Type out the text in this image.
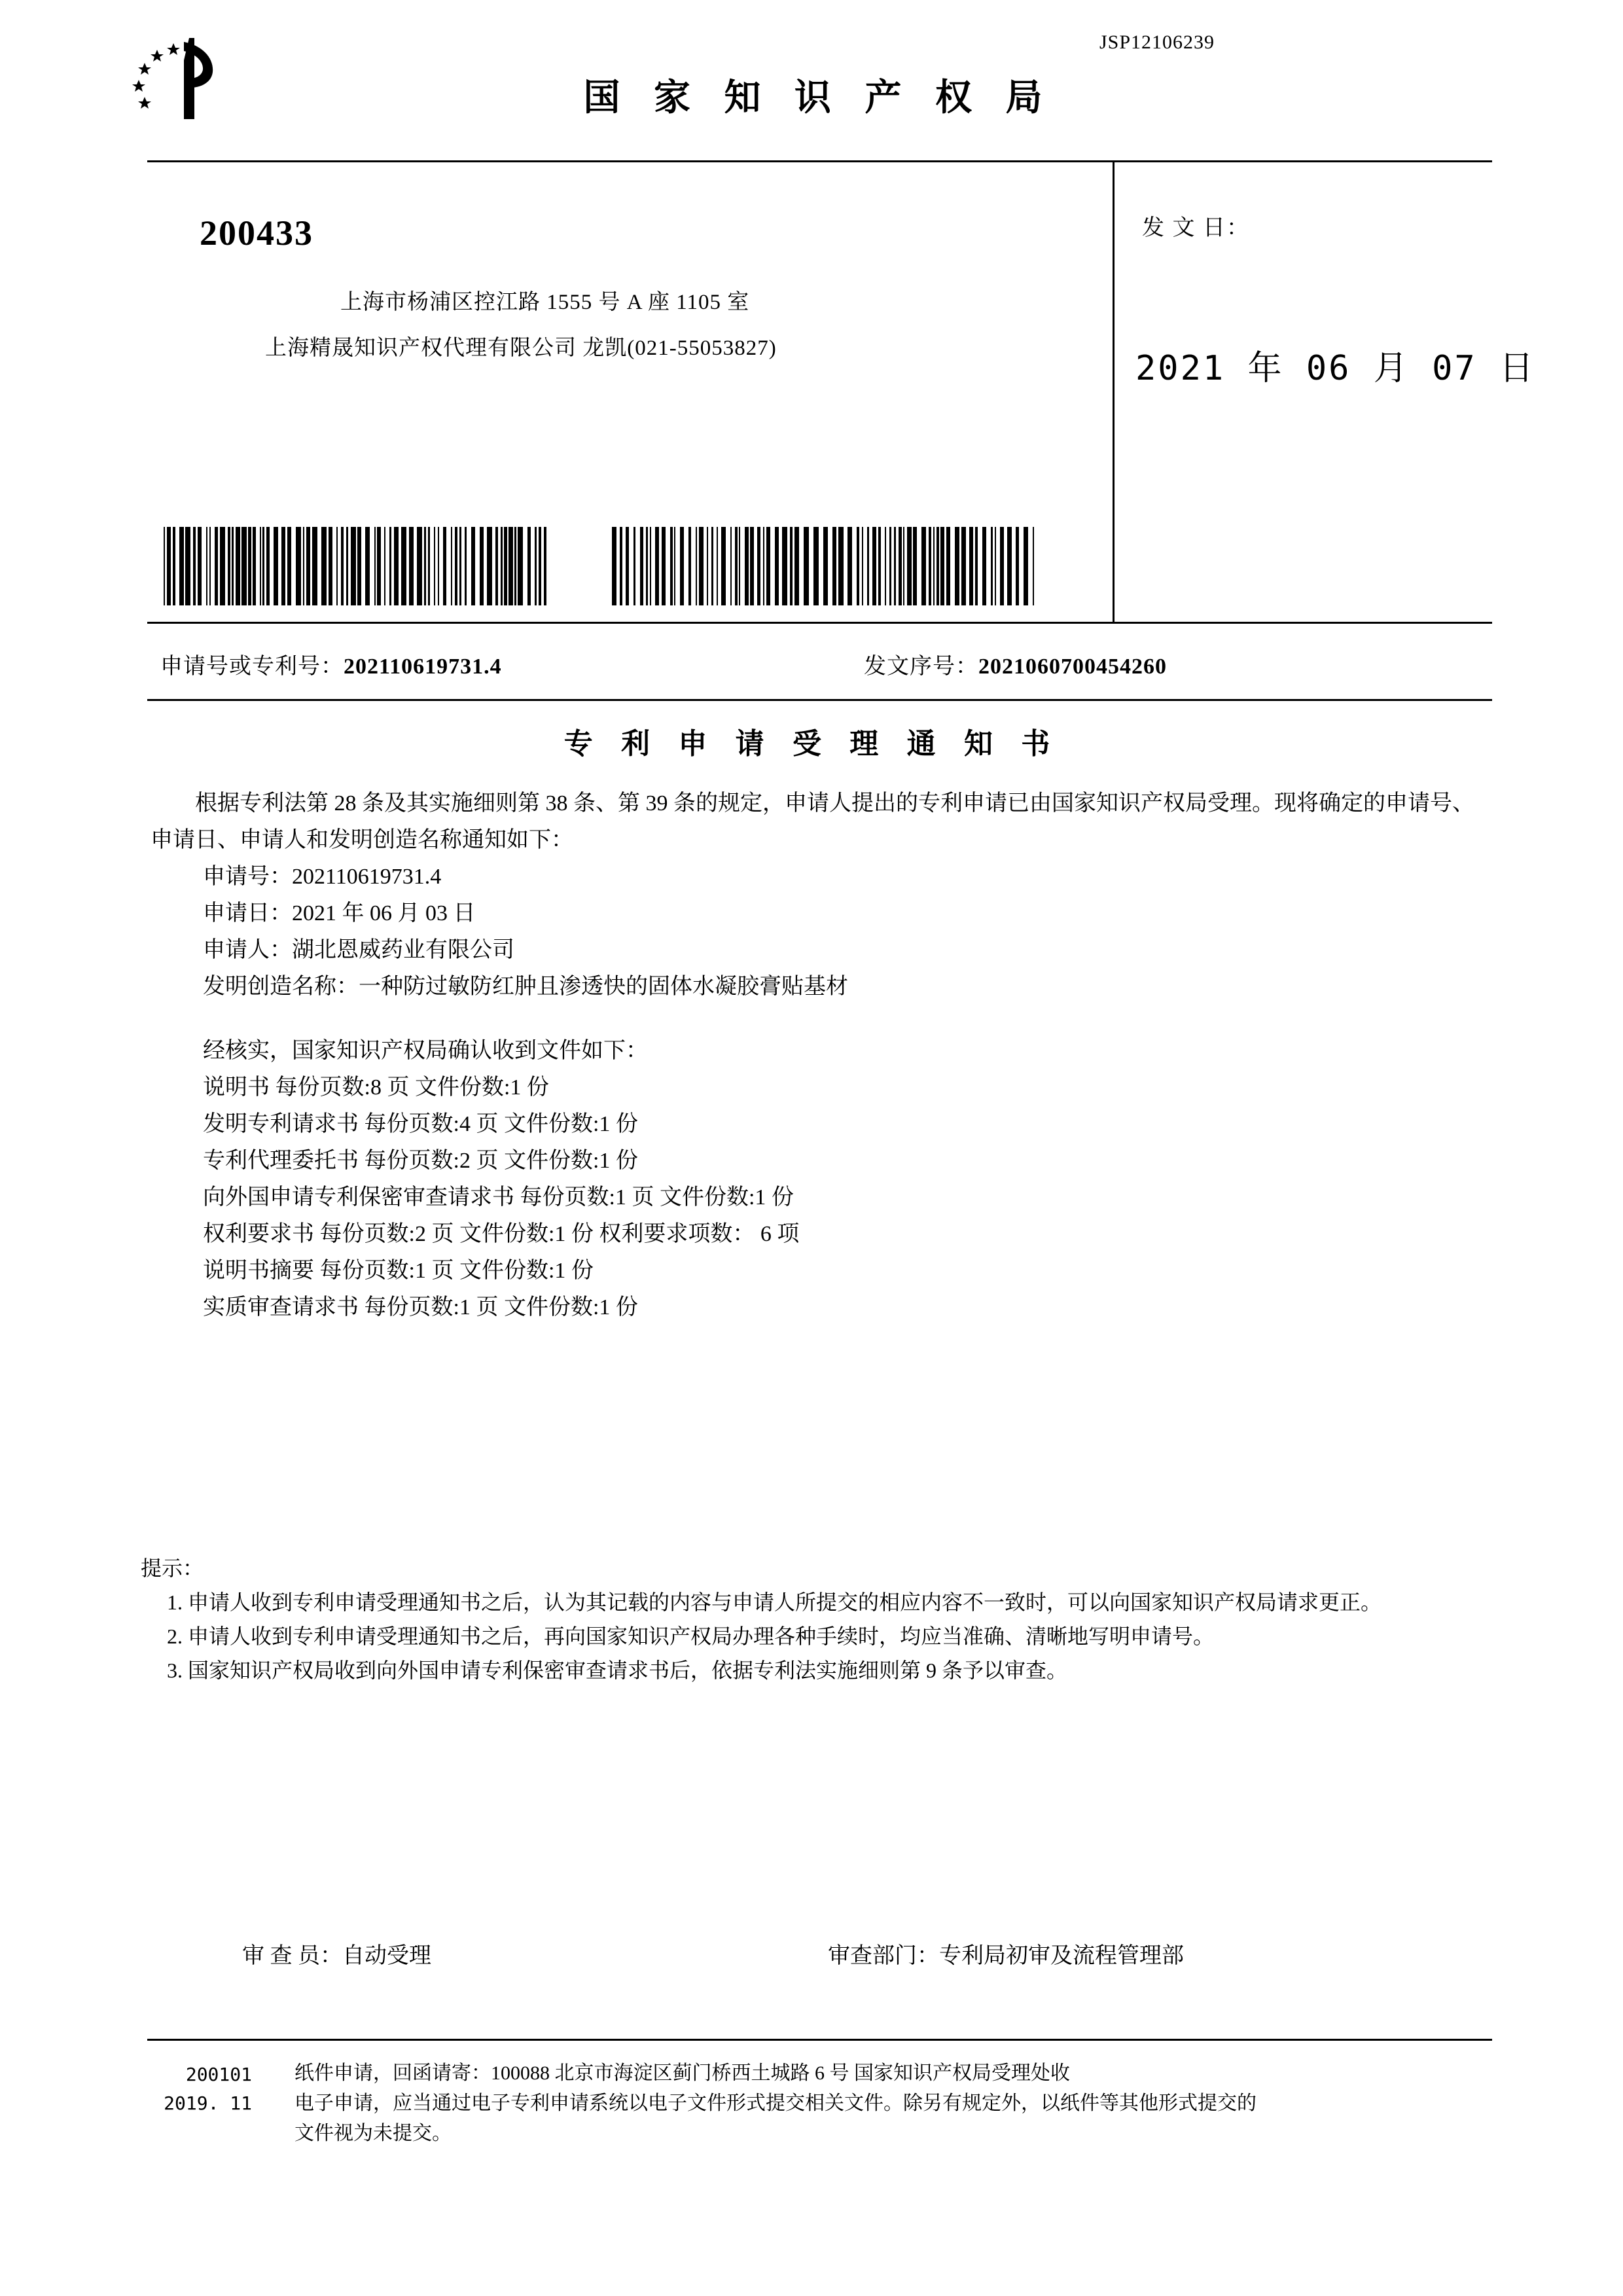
JSP12106239
国 家 知 识 产 权 局
200433
上海市杨浦区控江路 1555 号 A 座 1105 室
上海精晟知识产权代理有限公司 龙凯(021-55053827)
发 文 日：
2021 年 06 月 07 日
申请号或专利号：202110619731.4	发文序号：2021060700454260
专 利 申 请 受 理 通 知 书
根据专利法第 28 条及其实施细则第 38 条、第 39 条的规定，申请人提出的专利申请已由国家知识产权局受理。现将确定的申请号、申请日、申请人和发明创造名称通知如下：
申请号：202110619731.4
申请日：2021 年 06 月 03 日
申请人：湖北恩威药业有限公司
发明创造名称：一种防过敏防红肿且渗透快的固体水凝胶膏贴基材
经核实，国家知识产权局确认收到文件如下：
说明书 每份页数:8 页 文件份数:1 份
发明专利请求书 每份页数:4 页 文件份数:1 份
专利代理委托书 每份页数:2 页 文件份数:1 份
向外国申请专利保密审查请求书 每份页数:1 页 文件份数:1 份
权利要求书 每份页数:2 页 文件份数:1 份 权利要求项数： 6 项
说明书摘要 每份页数:1 页 文件份数:1 份
实质审查请求书 每份页数:1 页 文件份数:1 份
提示：
1. 申请人收到专利申请受理通知书之后，认为其记载的内容与申请人所提交的相应内容不一致时，可以向国家知识产权局请求更正。
2. 申请人收到专利申请受理通知书之后，再向国家知识产权局办理各种手续时，均应当准确、清晰地写明申请号。
3. 国家知识产权局收到向外国申请专利保密审查请求书后，依据专利法实施细则第 9 条予以审查。
审 查 员：自动受理	审查部门：专利局初审及流程管理部
200101
2019. 11
纸件申请，回函请寄：100088 北京市海淀区蓟门桥西土城路 6 号 国家知识产权局受理处收
电子申请，应当通过电子专利申请系统以电子文件形式提交相关文件。除另有规定外，以纸件等其他形式提交的
文件视为未提交。
